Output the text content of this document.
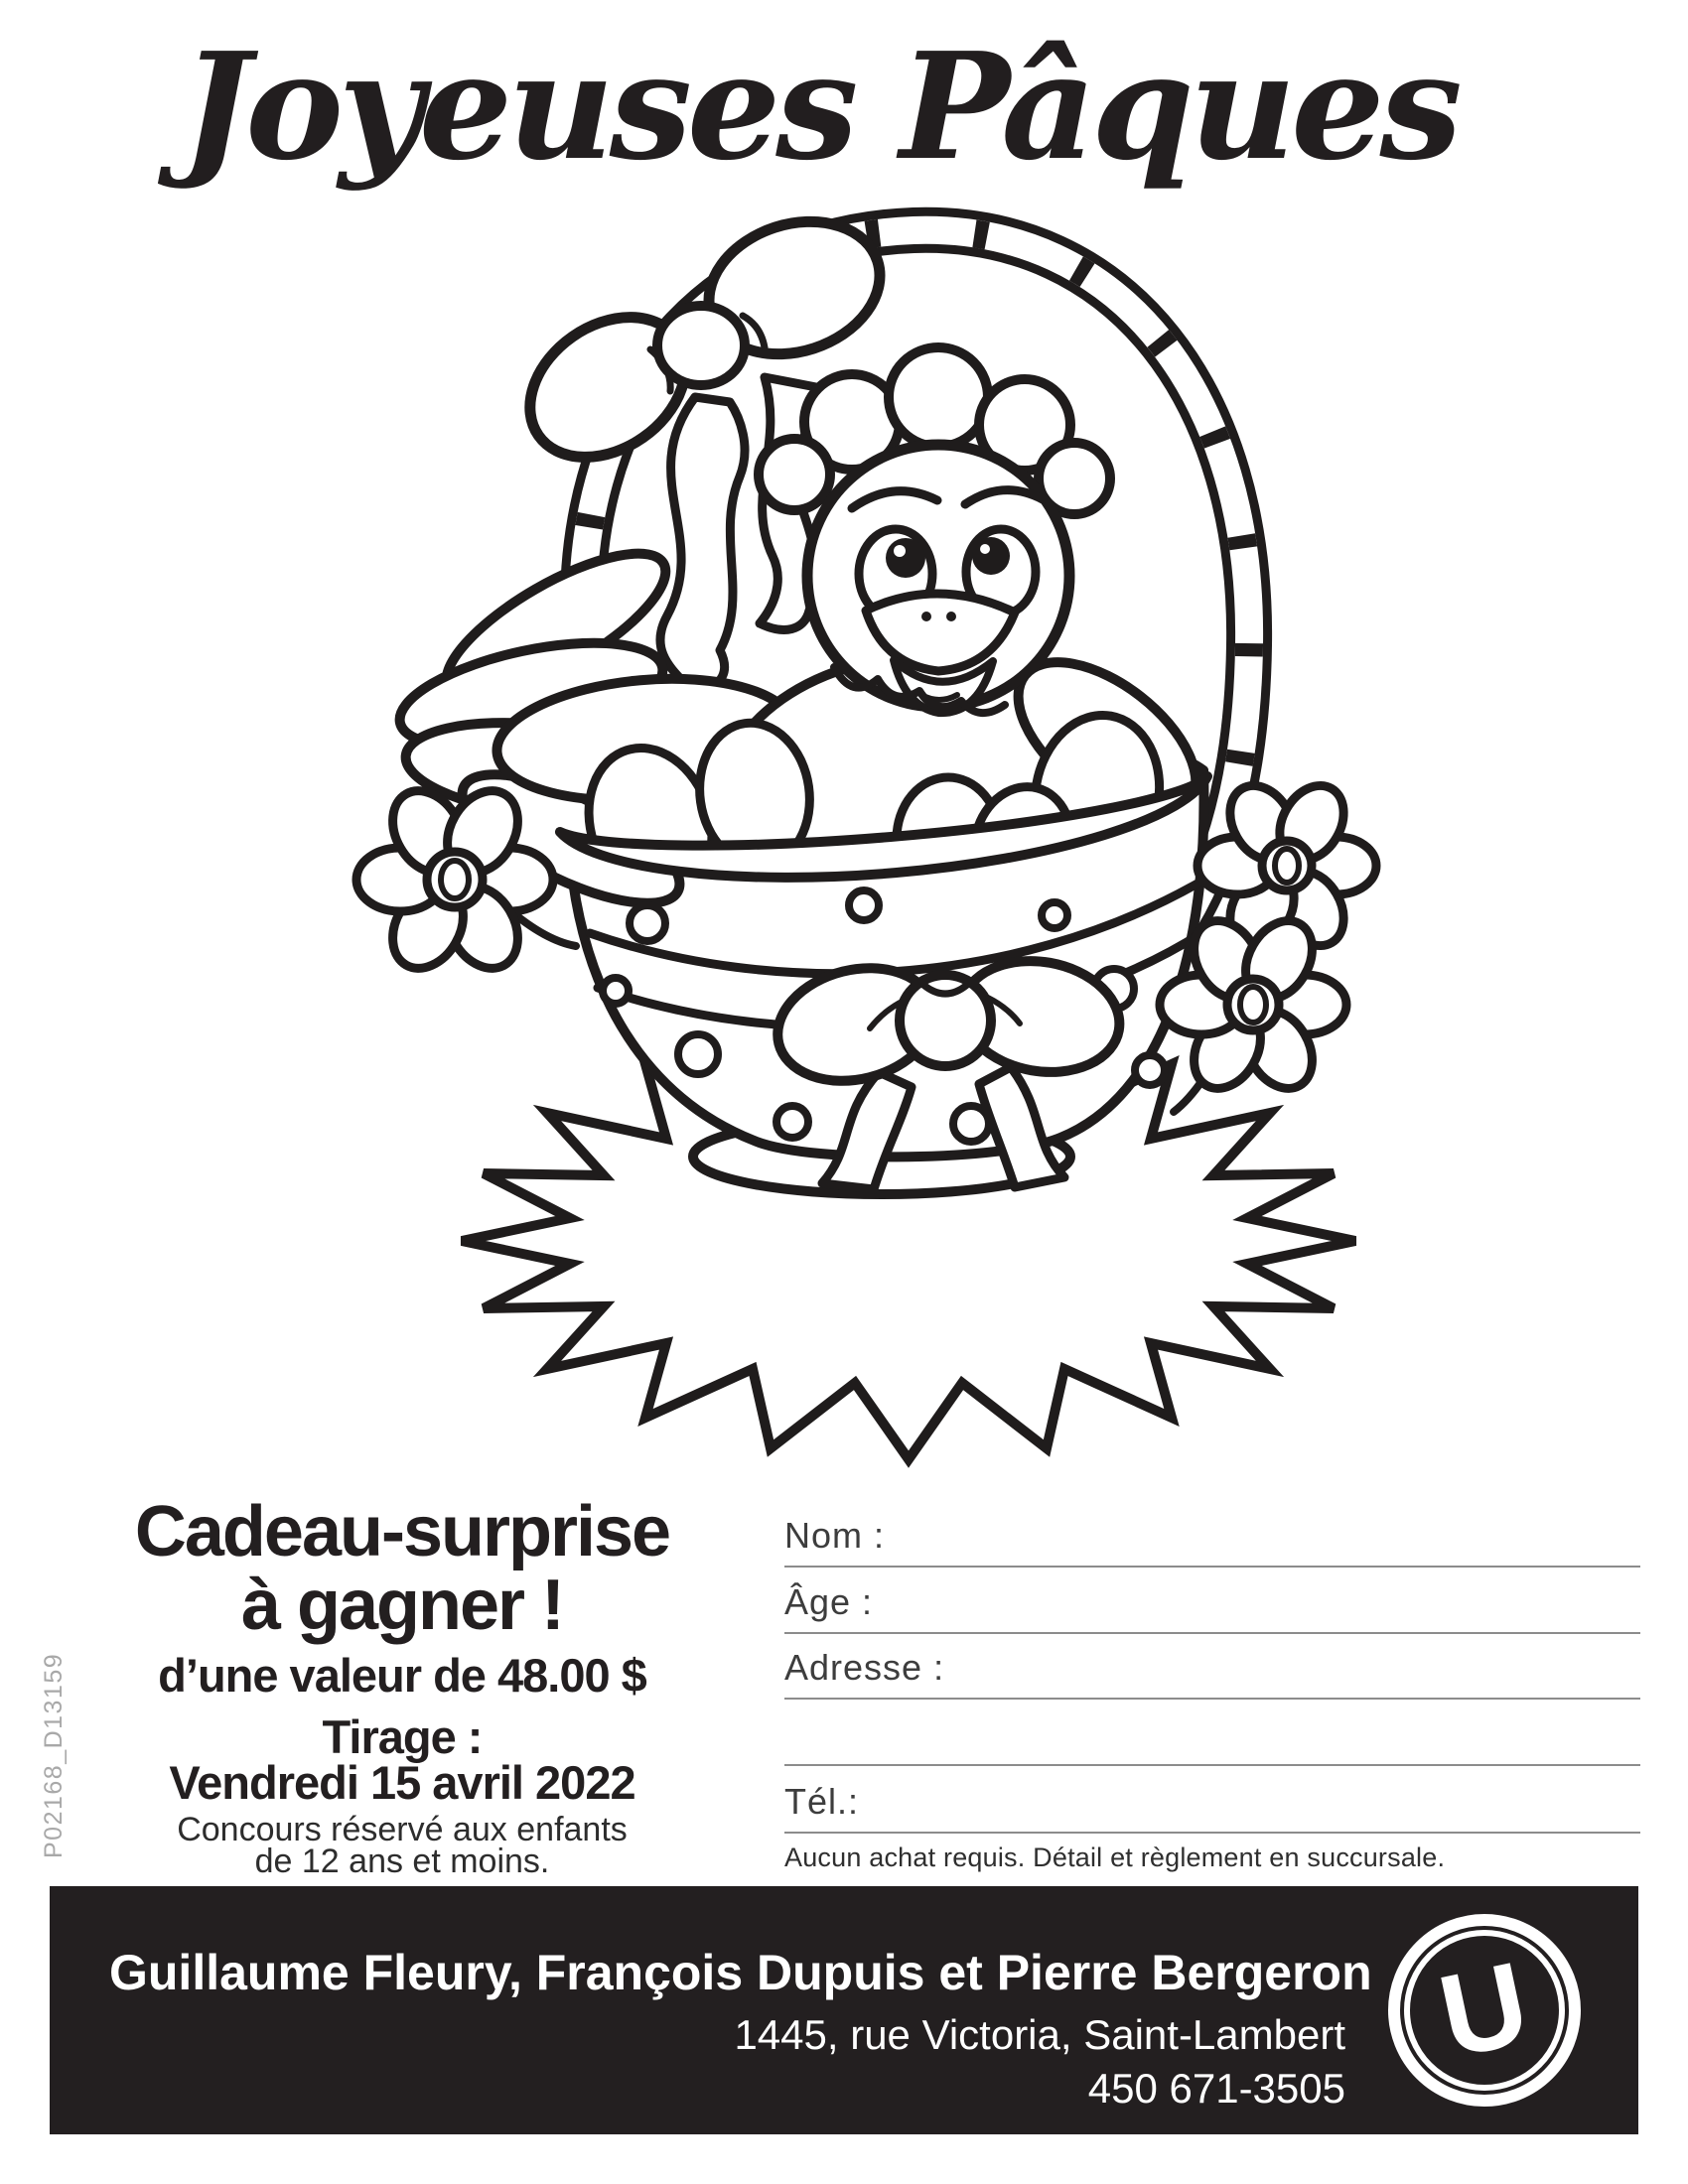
Joyeuses Pâques
Cadeau-surprise
à gagner !
d’une valeur de 48.00 $
Tirage :
Vendredi 15 avril 2022
Concours réservé aux enfants
de 12 ans et moins.
Nom :
Âge :
Adresse :
Tél.:
Aucun achat requis. Détail et règlement en succursale.
P02168_D13159

Guillaume Fleury, François Dupuis et Pierre Bergeron

1445, rue Victoria, Saint-Lambert

450 671-3505

U
